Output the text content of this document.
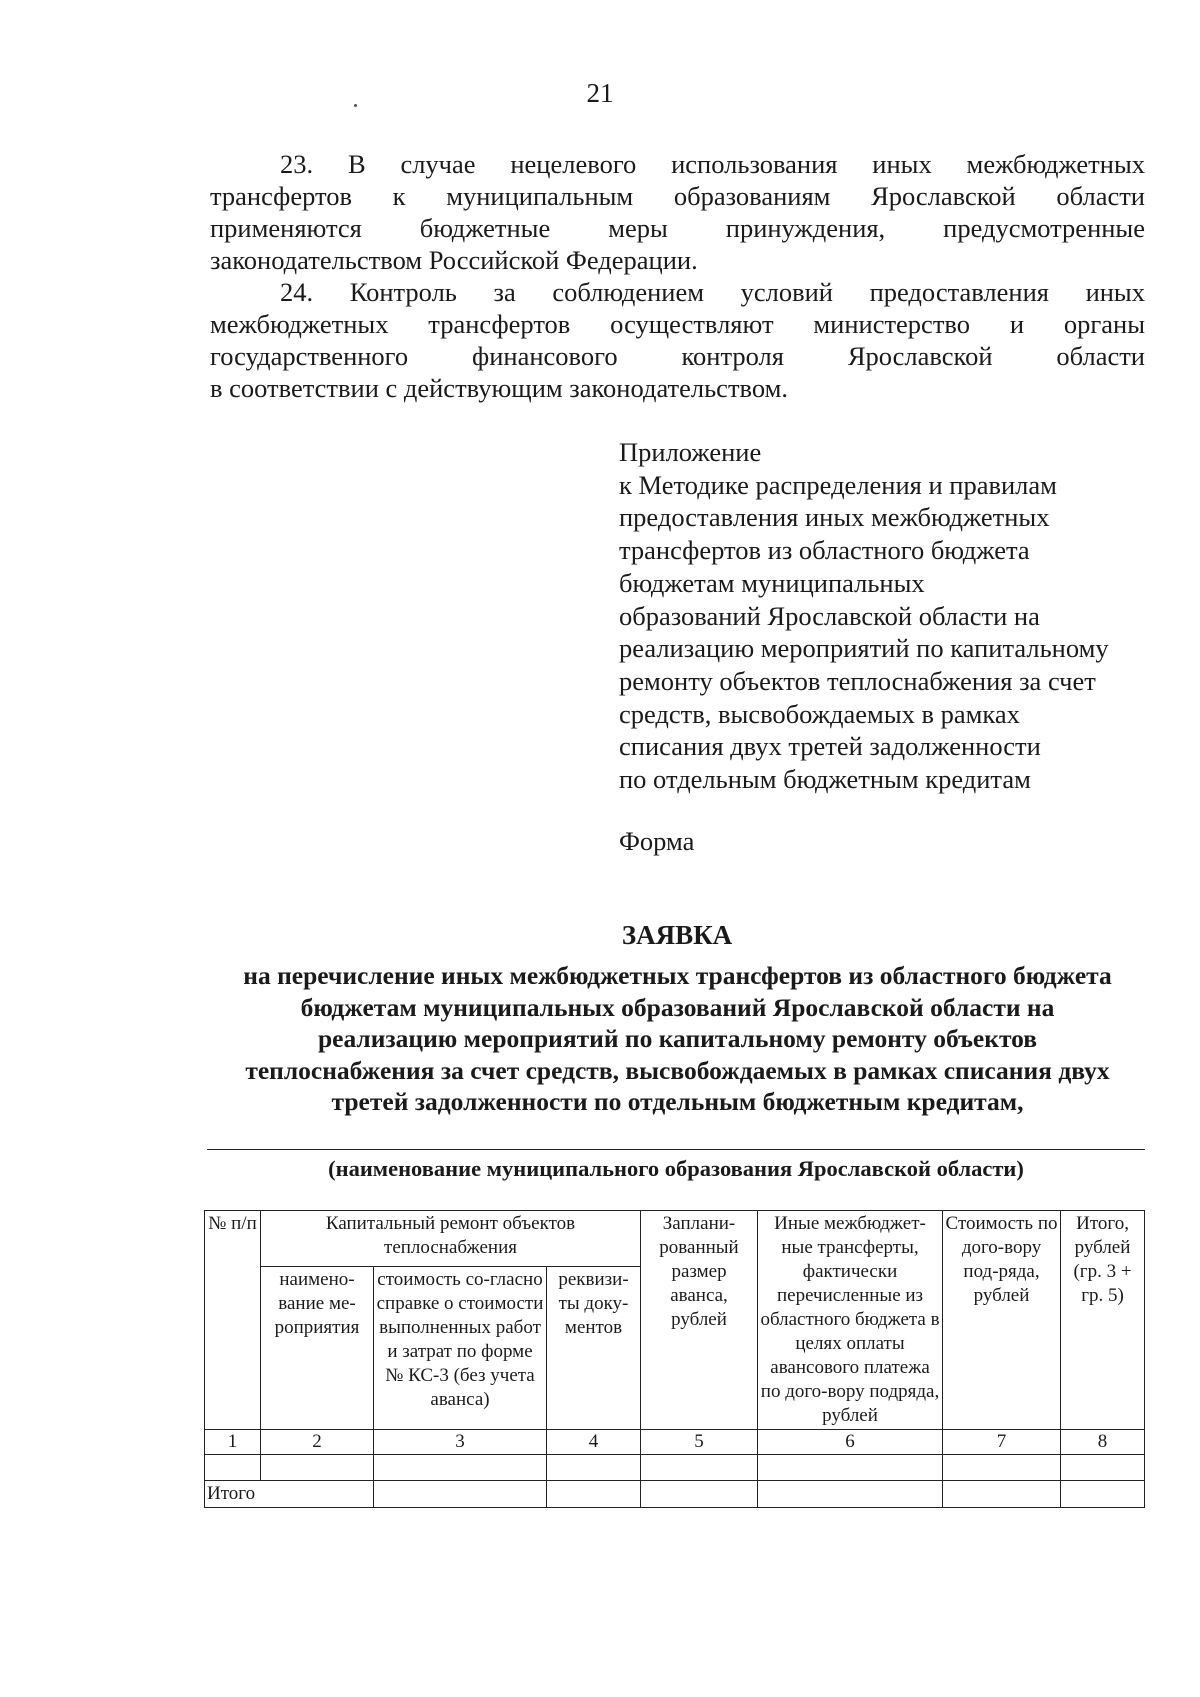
21
23. В случае нецелевого использования иных межбюджетных
трансфертов к муниципальным образованиям Ярославской области
применяются бюджетные меры принуждения, предусмотренные
законодательством Российской Федерации.
24. Контроль за соблюдением условий предоставления иных
межбюджетных трансфертов осуществляют министерство и органы
государственного финансового контроля Ярославской области
в соответствии с действующим законодательством.
Приложение
к Методике распределения и правилам
предоставления иных межбюджетных
трансфертов из областного бюджета
бюджетам муниципальных
образований Ярославской области на
реализацию мероприятий по капитальному
ремонту объектов теплоснабжения за счет
средств, высвобождаемых в рамках
списания двух третей задолженности
по отдельным бюджетным кредитам
Форма
ЗАЯВКА
на перечисление иных межбюджетных трансфертов из областного бюджета
бюджетам муниципальных образований Ярославской области на
реализацию мероприятий по капитальному ремонту объектов
теплоснабжения за счет средств, высвобождаемых в рамках списания двух
третей задолженности по отдельным бюджетным кредитам,
(наименование муниципального образования Ярославской области)
№ п/п	Капитальный ремонт объектов теплоснабжения			Заплани-рованный размер аванса, рублей	Иные межбюджет-ные трансферты, фактически перечисленные из областного бюджета в целях оплаты авансового платежа по дого-вору подряда, рублей	Стоимость по дого-вору под-ряда, рублей	Итого, рублей (гр. 3 + гр. 5)
	наимено-вание ме-роприятия	стоимость со-гласно справке о стоимости выполненных работ и затрат по форме № КС-3 (без учета аванса)	реквизи-ты доку-ментов				
1	2	3	4	5	6	7	8

Итого							
